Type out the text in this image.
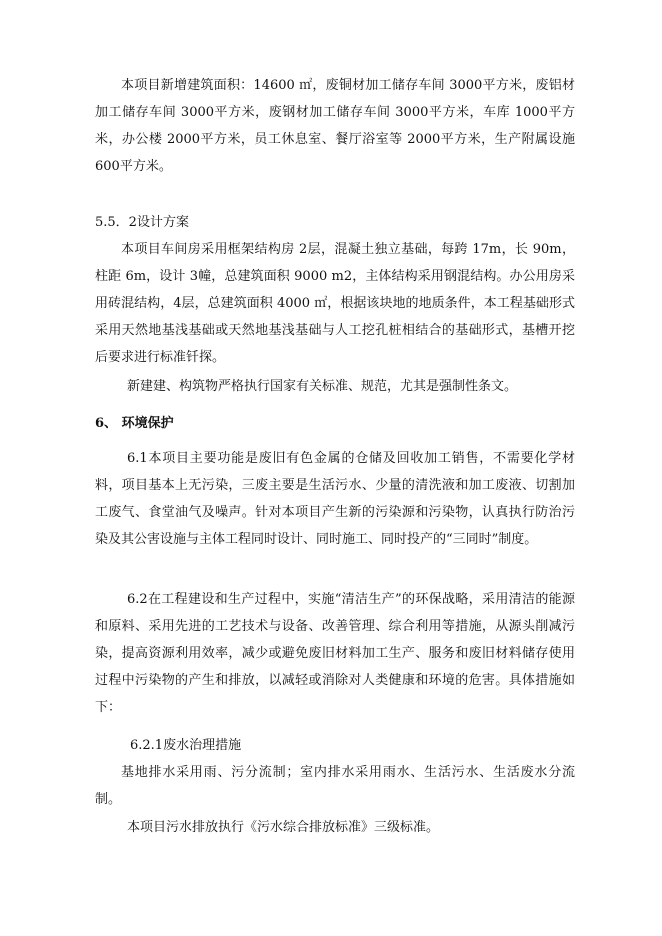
本项目新增建筑面积：14600 ㎡，废铜材加工储存车间 3000平方米，废铝材加工储存车间 3000平方米，废钢材加工储存车间 3000平方米，车库 1000平方米，办公楼 2000平方米，员工休息室、餐厅浴室等 2000平方米，生产附属设施600平方米。

5.5．2设计方案

本项目车间房采用框架结构房 2层，混凝土独立基础，每跨 17m，长 90m，柱距 6m，设计 3幢，总建筑面积 9000 m2，主体结构采用钢混结构。办公用房采用砖混结构，4层，总建筑面积 4000 ㎡，根据该块地的地质条件，本工程基础形式采用天然地基浅基础或天然地基浅基础与人工挖孔桩相结合的基础形式，基槽开挖后要求进行标准钎探。

新建建、构筑物严格执行国家有关标准、规范，尤其是强制性条文。

6、 环境保护

6.1本项目主要功能是废旧有色金属的仓储及回收加工销售，不需要化学材料，项目基本上无污染，三废主要是生活污水、少量的清洗液和加工废液、切割加工废气、食堂油气及噪声。针对本项目产生新的污染源和污染物，认真执行防治污染及其公害设施与主体工程同时设计、同时施工、同时投产的“三同时”制度。

6.2在工程建设和生产过程中，实施“清洁生产”的环保战略，采用清洁的能源和原料、采用先进的工艺技术与设备、改善管理、综合利用等措施，从源头削减污染，提高资源利用效率，减少或避免废旧材料加工生产、服务和废旧材料储存使用过程中污染物的产生和排放，以减轻或消除对人类健康和环境的危害。具体措施如下：

6.2.1废水治理措施

基地排水采用雨、污分流制；室内排水采用雨水、生活污水、生活废水分流制。

本项目污水排放执行《污水综合排放标准》三级标准。
